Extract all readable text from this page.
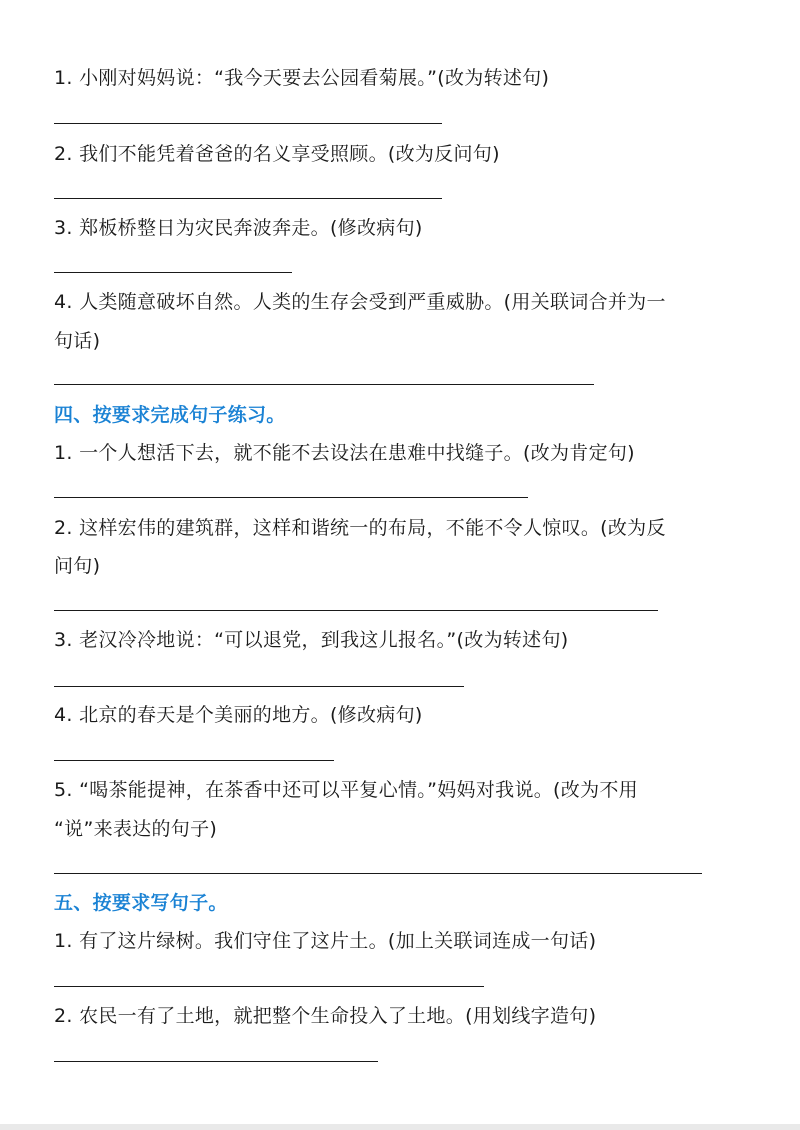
1. 小刚对妈妈说：“我今天要去公园看菊展。”(改为转述句)
2. 我们不能凭着爸爸的名义享受照顾。(改为反问句)
3. 郑板桥整日为灾民奔波奔走。(修改病句)
4. 人类随意破坏自然。人类的生存会受到严重威胁。(用关联词合并为一
句话)
四、按要求完成句子练习。
1. 一个人想活下去，就不能不去设法在患难中找缝子。(改为肯定句)
2. 这样宏伟的建筑群，这样和谐统一的布局，不能不令人惊叹。(改为反
问句)
3. 老汉冷冷地说：“可以退党，到我这儿报名。”(改为转述句)
4. 北京的春天是个美丽的地方。(修改病句)
5. “喝茶能提神，在茶香中还可以平复心情。”妈妈对我说。(改为不用
“说”来表达的句子)
五、按要求写句子。
1. 有了这片绿树。我们守住了这片土。(加上关联词连成一句话)
2. 农民一有了土地，就把整个生命投入了土地。(用划线字造句)
